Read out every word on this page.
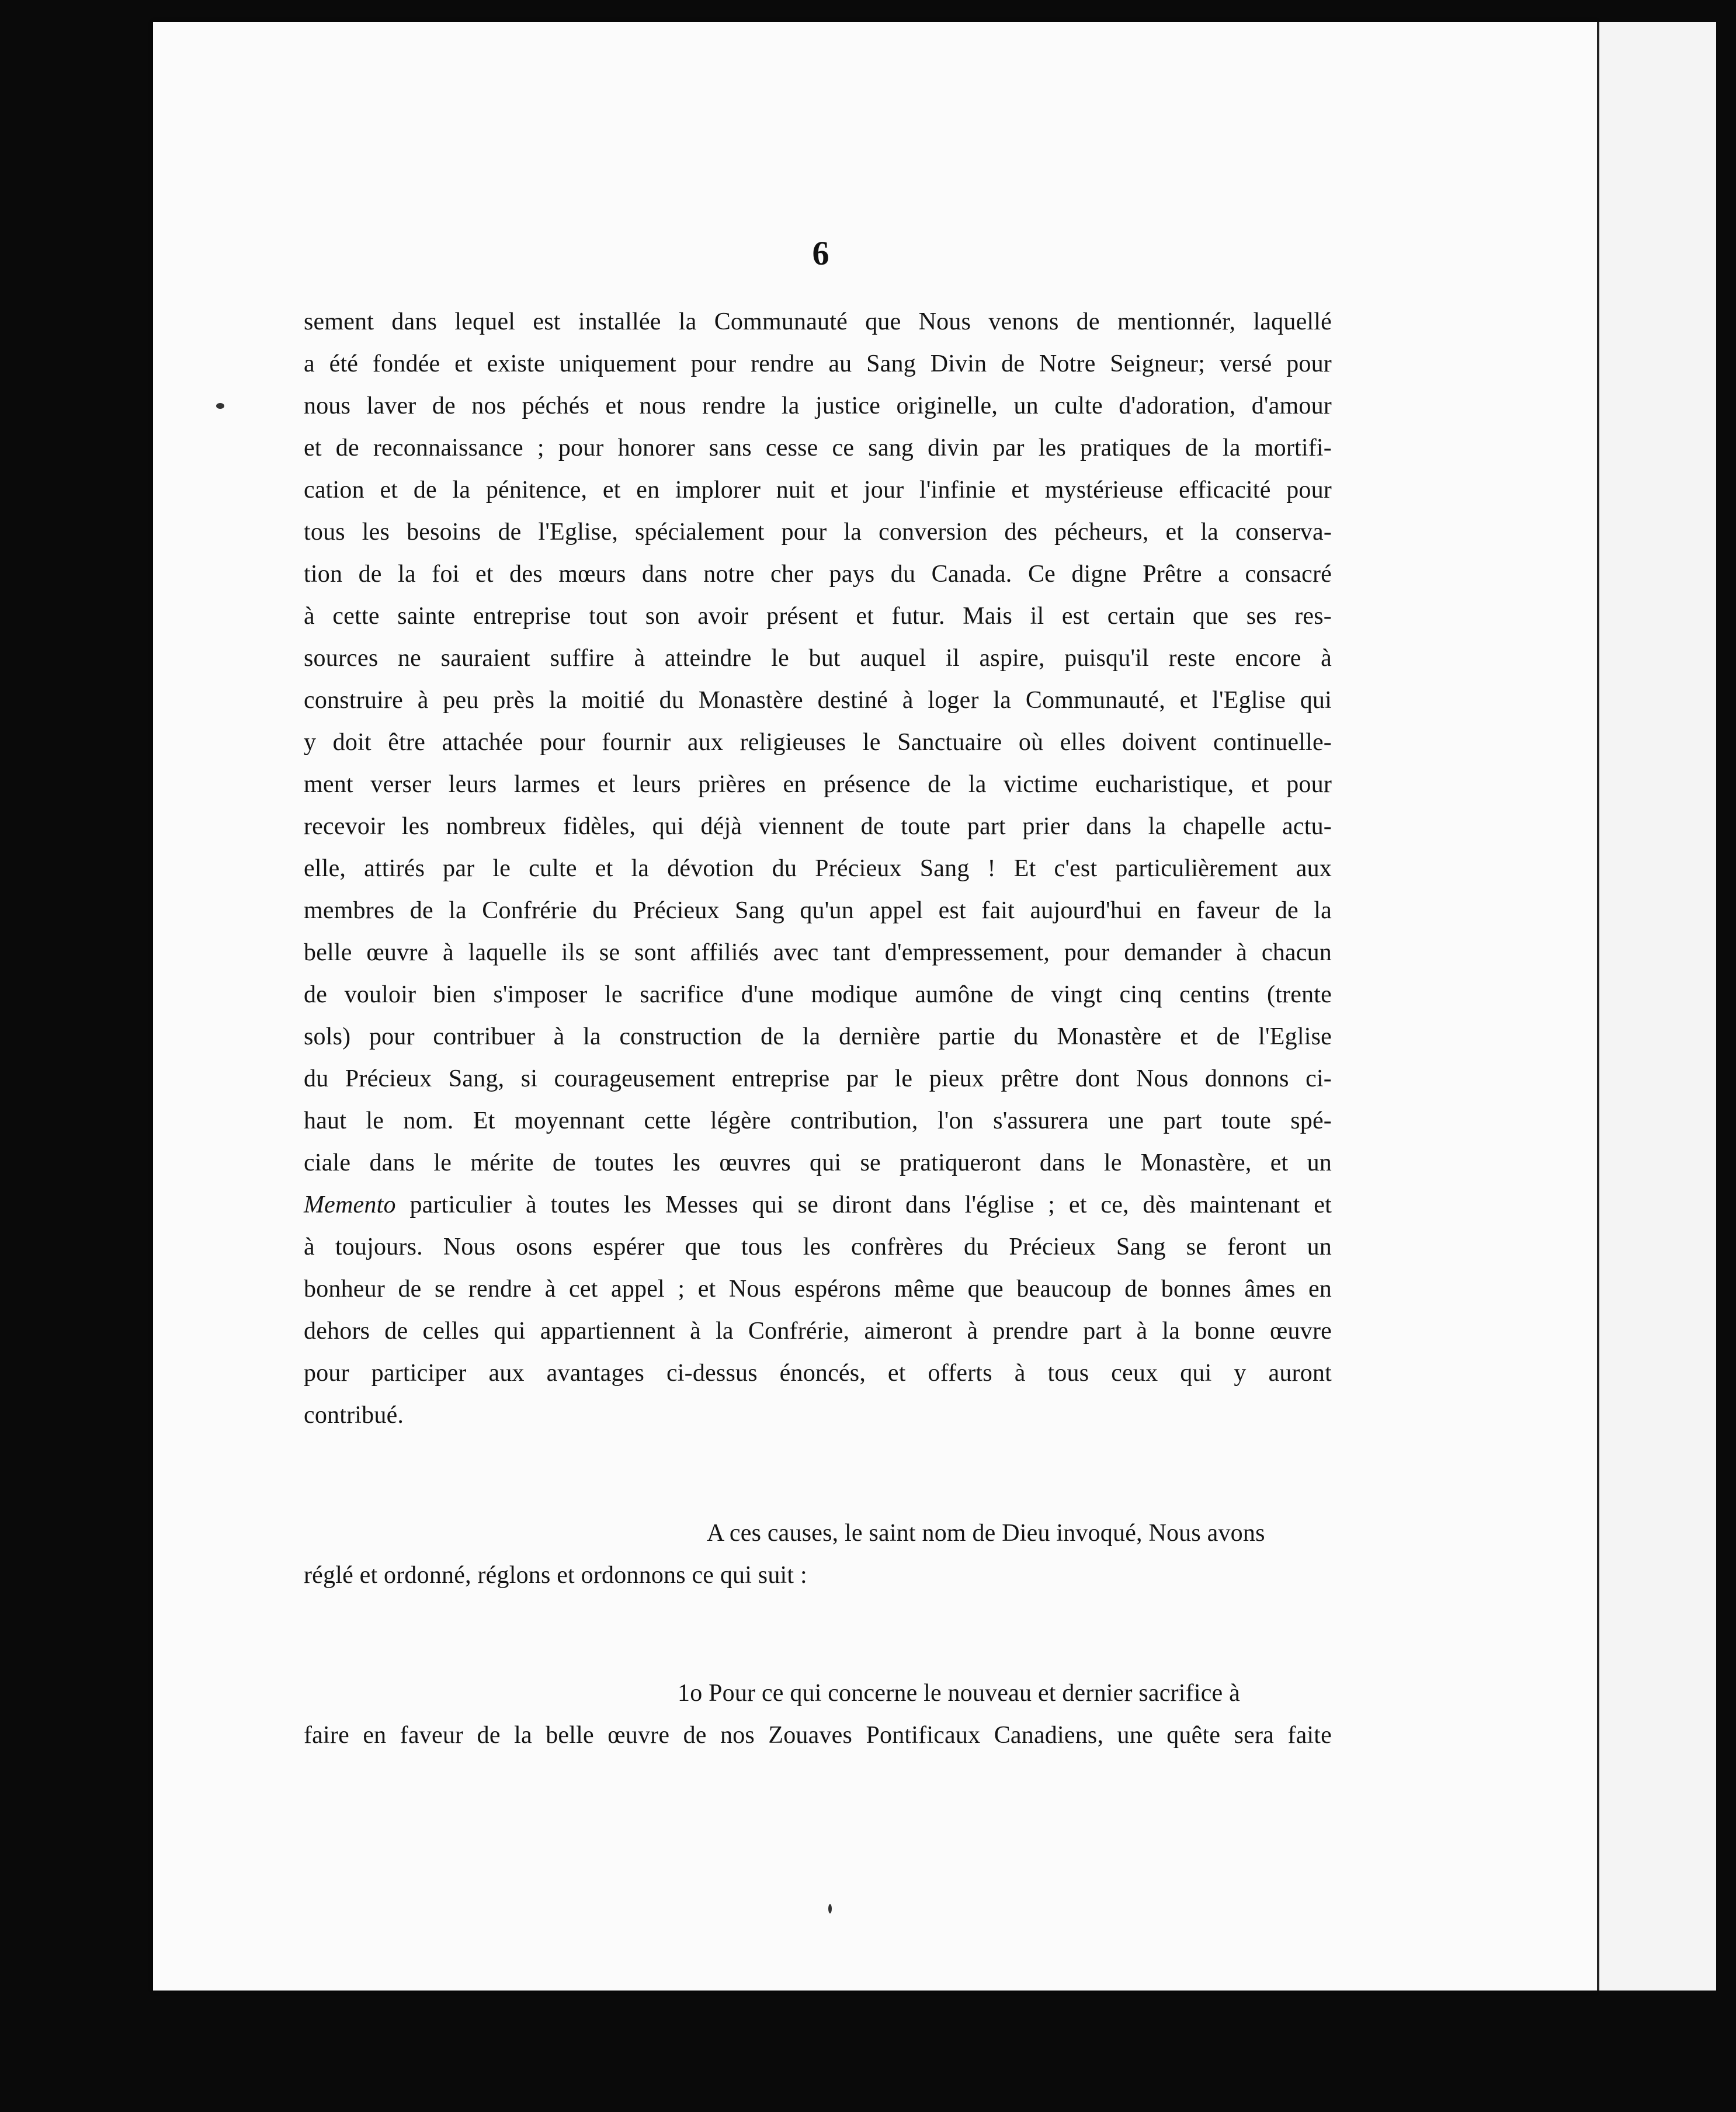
6
sement dans lequel est installée la Communauté que Nous venons de mentionnér, laquellé
a été fondée et existe uniquement pour rendre au Sang Divin de Notre Seigneur; versé pour
nous laver de nos péchés et nous rendre la justice originelle, un culte d'adoration, d'amour
et de reconnaissance ; pour honorer sans cesse ce sang divin par les pratiques de la mortifi-
cation et de la pénitence, et en implorer nuit et jour l'infinie et mystérieuse efficacité pour
tous les besoins de l'Eglise, spécialement pour la conversion des pécheurs, et la conserva-
tion de la foi et des mœurs dans notre cher pays du Canada. Ce digne Prêtre a consacré
à cette sainte entreprise tout son avoir présent et futur. Mais il est certain que ses res-
sources ne sauraient suffire à atteindre le but auquel il aspire, puisqu'il reste encore à
construire à peu près la moitié du Monastère destiné à loger la Communauté, et l'Eglise qui
y doit être attachée pour fournir aux religieuses le Sanctuaire où elles doivent continuelle-
ment verser leurs larmes et leurs prières en présence de la victime eucharistique, et pour
recevoir les nombreux fidèles, qui déjà viennent de toute part prier dans la chapelle actu-
elle, attirés par le culte et la dévotion du Précieux Sang ! Et c'est particulièrement aux
membres de la Confrérie du Précieux Sang qu'un appel est fait aujourd'hui en faveur de la
belle œuvre à laquelle ils se sont affiliés avec tant d'empressement, pour demander à chacun
de vouloir bien s'imposer le sacrifice d'une modique aumône de vingt cinq centins (trente
sols) pour contribuer à la construction de la dernière partie du Monastère et de l'Eglise
du Précieux Sang, si courageusement entreprise par le pieux prêtre dont Nous donnons ci-
haut le nom. Et moyennant cette légère contribution, l'on s'assurera une part toute spé-
ciale dans le mérite de toutes les œuvres qui se pratiqueront dans le Monastère, et un
Memento particulier à toutes les Messes qui se diront dans l'église ; et ce, dès maintenant et
à toujours. Nous osons espérer que tous les confrères du Précieux Sang se feront un
bonheur de se rendre à cet appel ; et Nous espérons même que beaucoup de bonnes âmes en
dehors de celles qui appartiennent à la Confrérie, aimeront à prendre part à la bonne œuvre
pour participer aux avantages ci-dessus énoncés, et offerts à tous ceux qui y auront
contribué.
A ces causes, le saint nom de Dieu invoqué, Nous avons
réglé et ordonné, réglons et ordonnons ce qui suit :
1o Pour ce qui concerne le nouveau et dernier sacrifice à
faire en faveur de la belle œuvre de nos Zouaves Pontificaux Canadiens, une quête sera faite
